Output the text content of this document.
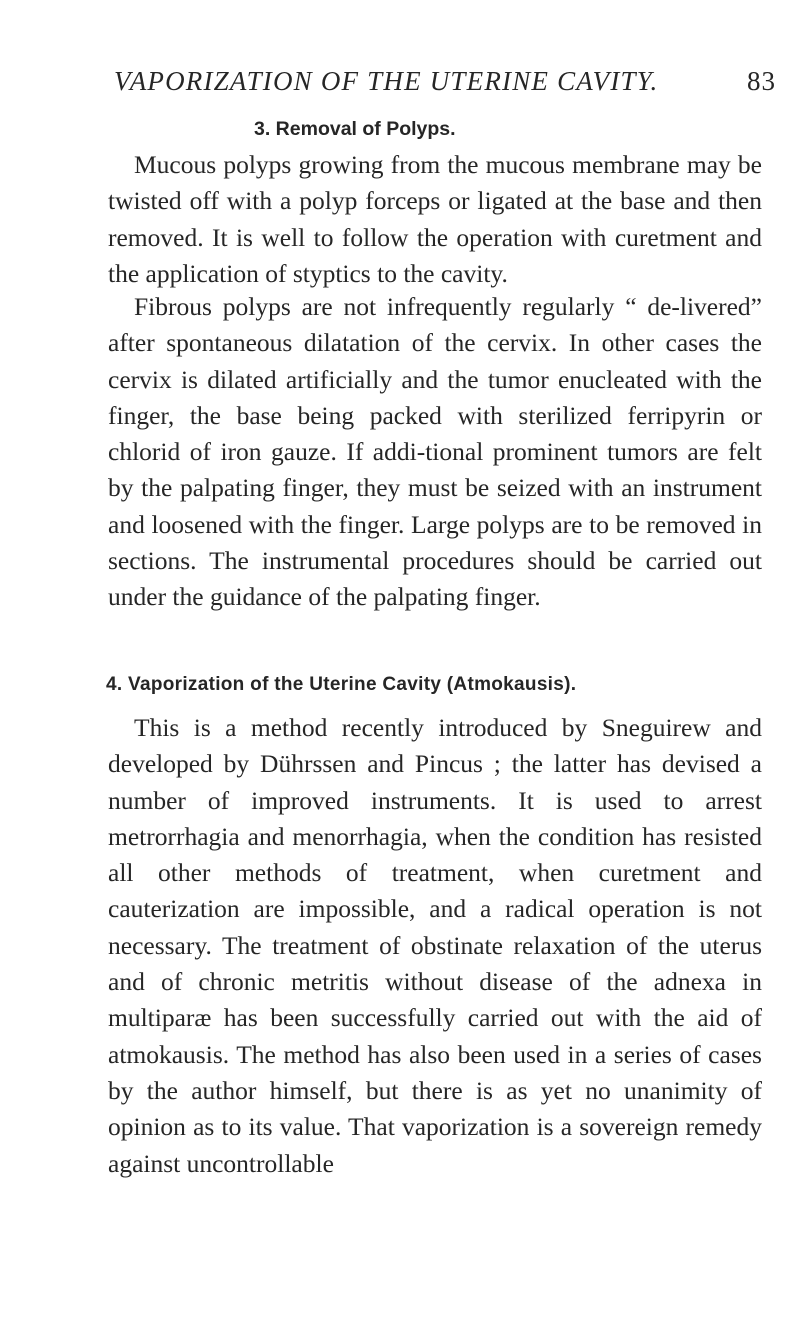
VAPORIZATION OF THE UTERINE CAVITY.	83
3. Removal of Polyps.

Mucous polyps growing from the mucous membrane may be twisted off with a polyp forceps or ligated at the base and then removed. It is well to follow the operation with curetment and the application of styptics to the cavity.

Fibrous polyps are not infrequently regularly “ de-livered” after spontaneous dilatation of the cervix. In other cases the cervix is dilated artificially and the tumor enucleated with the finger, the base being packed with sterilized ferripyrin or chlorid of iron gauze. If addi-tional prominent tumors are felt by the palpating finger, they must be seized with an instrument and loosened with the finger. Large polyps are to be removed in sections. The instrumental procedures should be carried out under the guidance of the palpating finger.

4. Vaporization of the Uterine Cavity (Atmokausis).

This is a method recently introduced by Sneguirew and developed by Dührssen and Pincus ; the latter has devised a number of improved instruments. It is used to arrest metrorrhagia and menorrhagia, when the condition has resisted all other methods of treatment, when curetment and cauterization are impossible, and a radical operation is not necessary. The treatment of obstinate relaxation of the uterus and of chronic metritis without disease of the adnexa in multiparæ has been successfully carried out with the aid of atmokausis. The method has also been used in a series of cases by the author himself, but there is as yet no unanimity of opinion as to its value. That vaporization is a sovereign remedy against uncontrollable
